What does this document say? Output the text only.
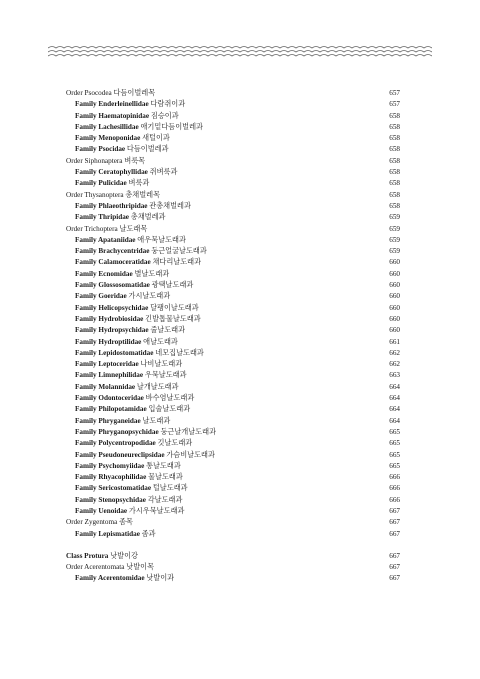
Order Psocodea 다듬이벌레목	657
Family Enderleinellidae 다람쥐이과	657
Family Haematopinidae 짐승이과	658
Family Lachesillidae 애기밑다듬이벌레과	658
Family Menoponidae 새털이과	658
Family Psocidae 다듬이벌레과	658
Order Siphonaptera 벼룩목	658
Family Ceratophyllidae 쥐벼룩과	658
Family Pulicidae 벼룩과	658
Order Thysanoptera 총채벌레목	658
Family Phlaeothripidae 관총채벌레과	658
Family Thripidae 총채벌레과	659
Order Trichoptera 날도래목	659
Family Apataniidae 애우묵날도래과	659
Family Brachycentridae 둥근얼굴날도래과	659
Family Calamoceratidae 채다리날도래과	660
Family Ecnomidae 별날도래과	660
Family Glossosomatidae 광택날도래과	660
Family Goeridae 가시날도래과	660
Family Helicopsychidae 달팽이날도래과	660
Family Hydrobiosidae 긴발톱물날도래과	660
Family Hydropsychidae 줄날도래과	660
Family Hydroptilidae 애날도래과	661
Family Lepidostomatidae 네모집날도래과	662
Family Leptoceridae 나비날도래과	662
Family Limnephilidae 우묵날도래과	663
Family Molannidae 날개날도래과	664
Family Odontoceridae 바수염날도래과	664
Family Philopotamidae 입술날도래과	664
Family Phryganeidae 날도래과	664
Family Phryganopsychidae 둥근날개날도래과	665
Family Polycentropodidae 깃날도래과	665
Family Pseudoneureclipsidae 가슴비날도래과	665
Family Psychomyiidae 통날도래과	665
Family Rhyacophilidae 물날도래과	666
Family Sericostomatidae 털날도래과	666
Family Stenopsychidae 각날도래과	666
Family Uenoidae 가시우묵날도래과	667
Order Zygentoma 좀목	667
Family Lepismatidae 좀과	667
Class Protura 낫발이강	667
Order Acerentomata 낫발이목	667
Family Acerentomidae 낫발이과	667
